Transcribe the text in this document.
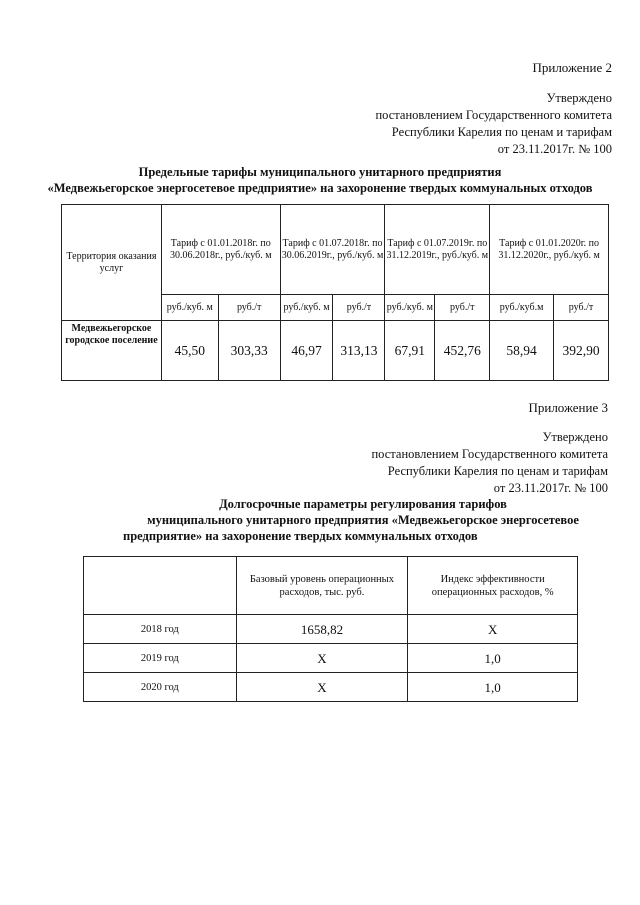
Приложение 2
Утверждено
постановлением Государственного комитета
Республики Карелия по ценам и тарифам
от 23.11.2017г. № 100
Предельные тарифы муниципального унитарного предприятия
«Медвежьегорское энергосетевое предприятие» на захоронение твердых коммунальных отходов
Территория оказания услуг	Тариф с 01.01.2018г. по 30.06.2018г., руб./куб. м		Тариф с 01.07.2018г. по 30.06.2019г., руб./куб. м		Тариф с 01.07.2019г. по 31.12.2019г., руб./куб. м		Тариф с 01.01.2020г. по 31.12.2020г., руб./куб. м	
	руб./куб. м	руб./т	руб./куб. м	руб./т	руб./куб. м	руб./т	руб./куб.м	руб./т
Медвежьегорское городское поселение	45,50	303,33	46,97	313,13	67,91	452,76	58,94	392,90
Приложение 3
Утверждено
постановлением Государственного комитета
Республики Карелия по ценам и тарифам
от 23.11.2017г. № 100
Долгосрочные параметры регулирования тарифов
муниципального унитарного предприятия «Медвежьегорское энергосетевое
предприятие» на захоронение твердых коммунальных отходов
	Базовый уровень операционных расходов, тыс. руб.	Индекс эффективности операционных расходов, %
2018 год	1658,82	Х
2019 год	Х	1,0
2020 год	Х	1,0
